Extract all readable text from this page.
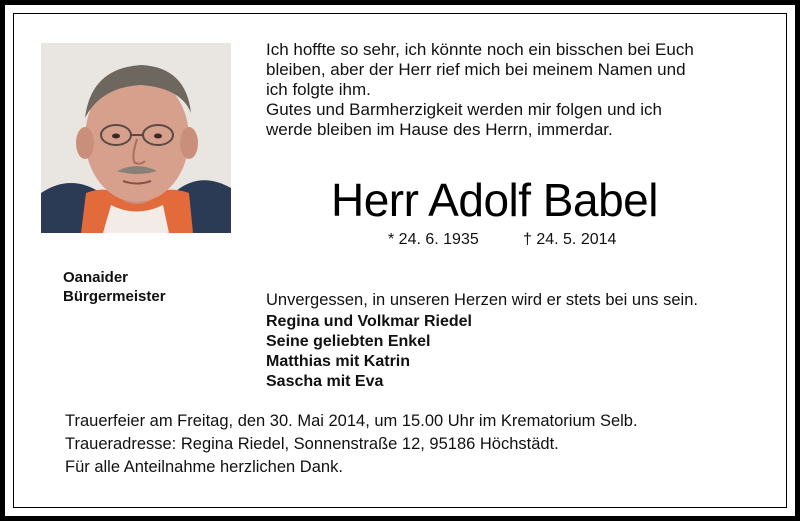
Ich hoffte so sehr, ich könnte noch ein bisschen bei Euch
bleiben, aber der Herr rief mich bei meinem Namen und
ich folgte ihm.
Gutes und Barmherzigkeit werden mir folgen und ich
werde bleiben im Hause des Herrn, immerdar.
Herr Adolf Babel
* 24. 6. 1935	† 24. 5. 2014
Oanaider
Bürgermeister	Unvergessen, in unseren Herzen wird er stets bei uns sein.
Regina und Volkmar Riedel
Seine geliebten Enkel
Matthias mit Katrin
Sascha mit Eva
Trauerfeier am Freitag, den 30. Mai 2014, um 15.00 Uhr im Krematorium Selb.
Traueradresse: Regina Riedel, Sonnenstraße 12, 95186 Höchstädt.
Für alle Anteilnahme herzlichen Dank.
